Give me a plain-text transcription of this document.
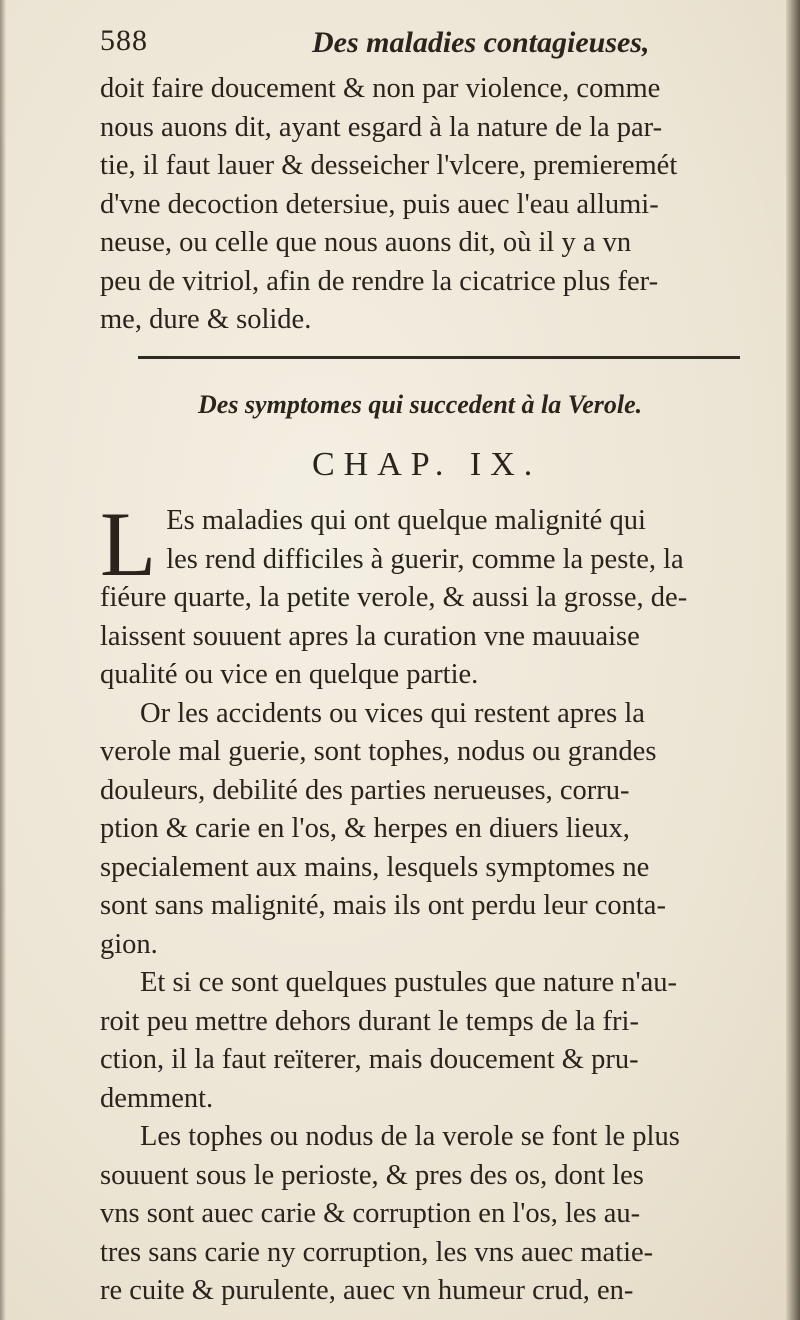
588	Des maladies contagieuses,
doit faire doucement & non par violence, comme
nous auons dit, ayant esgard à la nature de la par-
tie, il faut lauer & desseicher l'vlcere, premieremét
d'vne decoction detersiue, puis auec l'eau allumi-
neuse, ou celle que nous auons dit, où il y a vn
peu de vitriol, afin de rendre la cicatrice plus fer-
me, dure & solide.
Des symptomes qui succedent à la Verole.
CHAP. IX.
L Es maladies qui ont quelque malignité qui
les rend difficiles à guerir, comme la peste, la
fiéure quarte, la petite verole, & aussi la grosse, de-
laissent souuent apres la curation vne mauuaise
qualité ou vice en quelque partie.
Or les accidents ou vices qui restent apres la
verole mal guerie, sont tophes, nodus ou grandes
douleurs, debilité des parties nerueuses, corru-
ption & carie en l'os, & herpes en diuers lieux,
specialement aux mains, lesquels symptomes ne
sont sans malignité, mais ils ont perdu leur conta-
gion.
Et si ce sont quelques pustules que nature n'au-
roit peu mettre dehors durant le temps de la fri-
ction, il la faut reïterer, mais doucement & pru-
demment.
Les tophes ou nodus de la verole se font le plus
souuent sous le perioste, & pres des os, dont les
vns sont auec carie & corruption en l'os, les au-
tres sans carie ny corruption, les vns auec matie-
re cuite & purulente, auec vn humeur crud, en-
